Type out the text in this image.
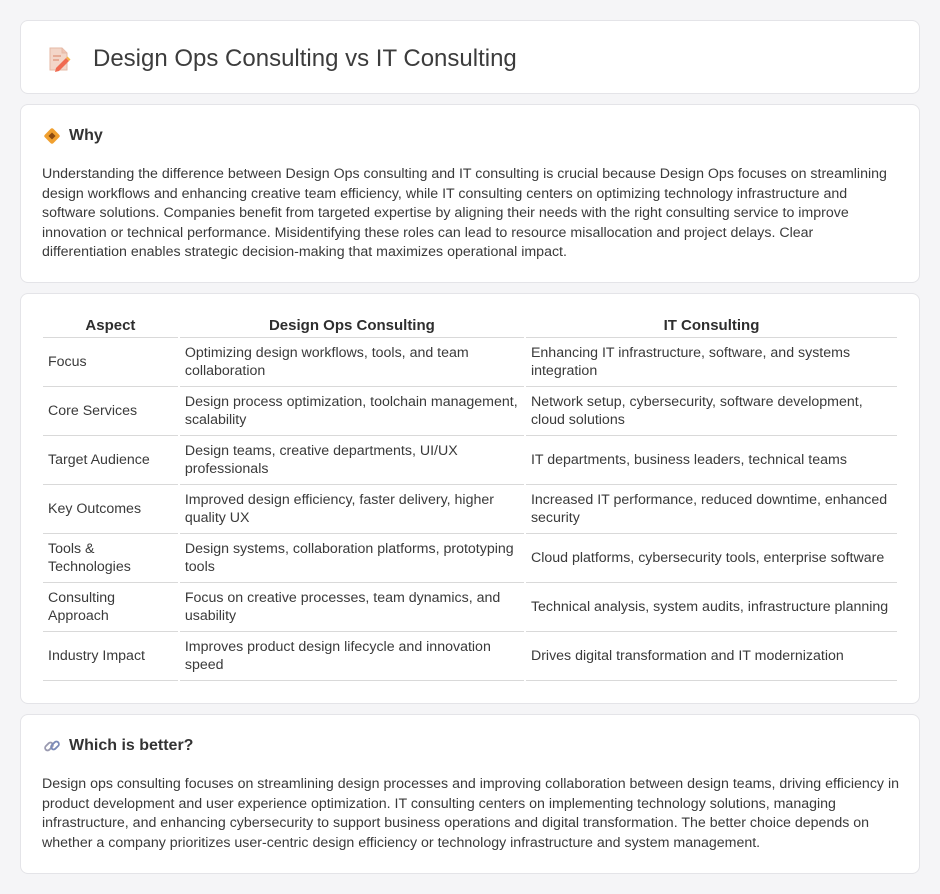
Design Ops Consulting vs IT Consulting
Why

Understanding the difference between Design Ops consulting and IT consulting is crucial because Design Ops focuses on streamlining design workflows and enhancing creative team efficiency, while IT consulting centers on optimizing technology infrastructure and software solutions. Companies benefit from targeted expertise by aligning their needs with the right consulting service to improve innovation or technical performance. Misidentifying these roles can lead to resource misallocation and project delays. Clear differentiation enables strategic decision-making that maximizes operational impact.

Aspect	Design Ops Consulting	IT Consulting
Focus	Optimizing design workflows, tools, and team collaboration	Enhancing IT infrastructure, software, and systems integration
Core Services	Design process optimization, toolchain management, scalability	Network setup, cybersecurity, software development, cloud solutions
Target Audience	Design teams, creative departments, UI/UX professionals	IT departments, business leaders, technical teams
Key Outcomes	Improved design efficiency, faster delivery, higher quality UX	Increased IT performance, reduced downtime, enhanced security
Tools & Technologies	Design systems, collaboration platforms, prototyping tools	Cloud platforms, cybersecurity tools, enterprise software
Consulting Approach	Focus on creative processes, team dynamics, and usability	Technical analysis, system audits, infrastructure planning
Industry Impact	Improves product design lifecycle and innovation speed	Drives digital transformation and IT modernization
Which is better?

Design ops consulting focuses on streamlining design processes and improving collaboration between design teams, driving efficiency in product development and user experience optimization. IT consulting centers on implementing technology solutions, managing infrastructure, and enhancing cybersecurity to support business operations and digital transformation. The better choice depends on whether a company prioritizes user-centric design efficiency or technology infrastructure and system management.
